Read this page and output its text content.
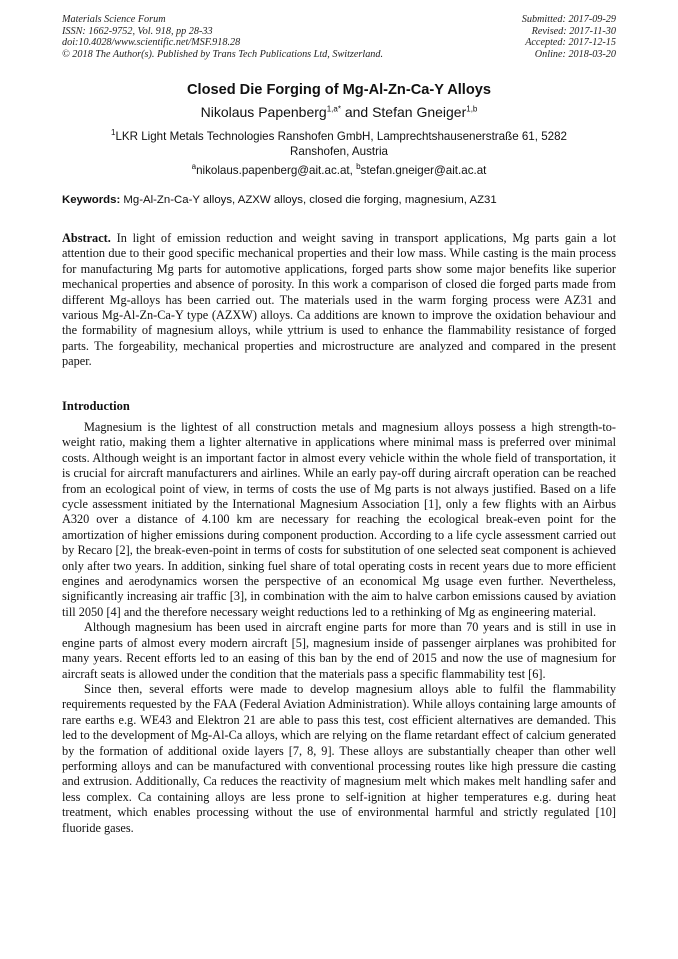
Materials Science Forum
ISSN: 1662-9752, Vol. 918, pp 28-33
doi:10.4028/www.scientific.net/MSF.918.28
© 2018 The Author(s). Published by Trans Tech Publications Ltd, Switzerland.
Submitted: 2017-09-29
Revised: 2017-11-30
Accepted: 2017-12-15
Online: 2018-03-20
Closed Die Forging of Mg-Al-Zn-Ca-Y Alloys
Nikolaus Papenberg$^{1,a*}$ and Stefan Gneiger$^{1,b}$
$^1$LKR Light Metals Technologies Ranshofen GmbH, Lamprechtshausenerstraße 61, 5282 Ranshofen, Austria
$^a$nikolaus.papenberg@ait.ac.at, $^b$stefan.gneiger@ait.ac.at
Keywords: Mg-Al-Zn-Ca-Y alloys, AZXW alloys, closed die forging, magnesium, AZ31
Abstract. In light of emission reduction and weight saving in transport applications, Mg parts gain a lot attention due to their good specific mechanical properties and their low mass. While casting is the main process for manufacturing Mg parts for automotive applications, forged parts show some major benefits like superior mechanical properties and absence of porosity. In this work a comparison of closed die forged parts made from different Mg-alloys has been carried out. The materials used in the warm forging process were AZ31 and various Mg-Al-Zn-Ca-Y type (AZXW) alloys. Ca additions are known to improve the oxidation behaviour and the formability of magnesium alloys, while yttrium is used to enhance the flammability resistance of forged parts. The forgeability, mechanical properties and microstructure are analyzed and compared in the present paper.
Introduction

Magnesium is the lightest of all construction metals and magnesium alloys possess a high strength-to-weight ratio, making them a lighter alternative in applications where minimal mass is preferred over minimal costs. Although weight is an important factor in almost every vehicle within the whole field of transportation, it is crucial for aircraft manufacturers and airlines. While an early pay-off during aircraft operation can be reached from an ecological point of view, in terms of costs the use of Mg parts is not always justified. Based on a life cycle assessment initiated by the International Magnesium Association [1], only a few flights with an Airbus A320 over a distance of 4.100 km are necessary for reaching the ecological break-even point for the amortization of higher emissions during component production. According to a life cycle assessment carried out by Recaro [2], the break-even-point in terms of costs for substitution of one selected seat component is achieved only after two years. In addition, sinking fuel share of total operating costs in recent years due to more efficient engines and aerodynamics worsen the perspective of an economical Mg usage even further. Nevertheless, significantly increasing air traffic [3], in combination with the aim to halve carbon emissions caused by aviation till 2050 [4] and the therefore necessary weight reductions led to a rethinking of Mg as engineering material.

Although magnesium has been used in aircraft engine parts for more than 70 years and is still in use in engine parts of almost every modern aircraft [5], magnesium inside of passenger airplanes was prohibited for many years. Recent efforts led to an easing of this ban by the end of 2015 and now the use of magnesium for aircraft seats is allowed under the condition that the materials pass a specific flammability test [6].

Since then, several efforts were made to develop magnesium alloys able to fulfil the flammability requirements requested by the FAA (Federal Aviation Administration). While alloys containing large amounts of rare earths e.g. WE43 and Elektron 21 are able to pass this test, cost efficient alternatives are demanded. This led to the development of Mg-Al-Ca alloys, which are relying on the flame retardant effect of calcium generated by the formation of additional oxide layers [7, 8, 9]. These alloys are substantially cheaper than other well performing alloys and can be manufactured with conventional processing routes like high pressure die casting and extrusion. Additionally, Ca reduces the reactivity of magnesium melt which makes melt handling safer and less complex. Ca containing alloys are less prone to self-ignition at higher temperatures e.g. during heat treatment, which enables processing without the use of environmental harmful and strictly regulated [10] fluoride gases.
